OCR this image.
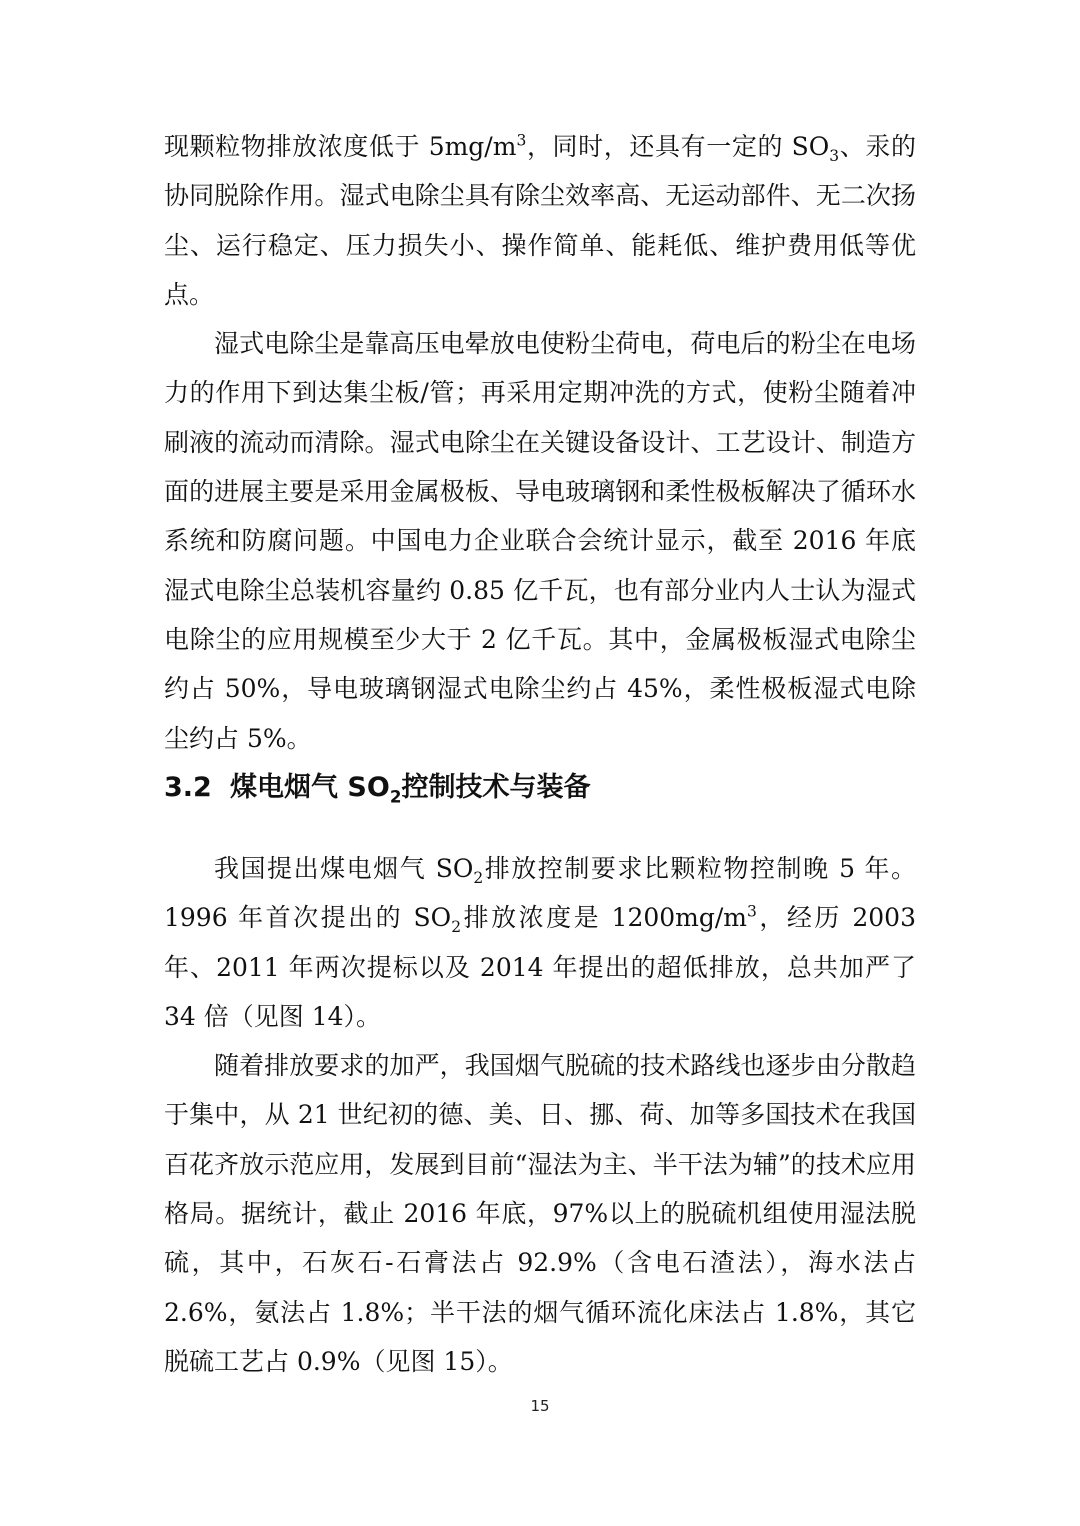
现颗粒物排放浓度低于 $5mg/m^3$，同时，还具有一定的 $SO_3$、汞的协同脱除作用。湿式电除尘具有除尘效率高、无运动部件、无二次扬尘、运行稳定、压力损失小、操作简单、能耗低、维护费用低等优点。

湿式电除尘是靠高压电晕放电使粉尘荷电，荷电后的粉尘在电场力的作用下到达集尘板/管；再采用定期冲洗的方式，使粉尘随着冲刷液的流动而清除。湿式电除尘在关键设备设计、工艺设计、制造方面的进展主要是采用金属极板、导电玻璃钢和柔性极板解决了循环水系统和防腐问题。中国电力企业联合会统计显示，截至 2016 年底湿式电除尘总装机容量约 0.85 亿千瓦，也有部分业内人士认为湿式电除尘的应用规模至少大于 2 亿千瓦。其中，金属极板湿式电除尘约占 50%，导电玻璃钢湿式电除尘约占 45%，柔性极板湿式电除尘约占 5%。

3.2 煤电烟气 $SO_2$控制技术与装备

我国提出煤电烟气 $SO_2$排放控制要求比颗粒物控制晚 5 年。1996 年首次提出的 $SO_2$排放浓度是 $1200mg/m^3$，经历 2003 年、2011 年两次提标以及 2014 年提出的超低排放，总共加严了 34 倍（见图 14）。

随着排放要求的加严，我国烟气脱硫的技术路线也逐步由分散趋于集中，从 21 世纪初的德、美、日、挪、荷、加等多国技术在我国百花齐放示范应用，发展到目前“湿法为主、半干法为辅”的技术应用格局。据统计，截止 2016 年底，97%以上的脱硫机组使用湿法脱硫，其中，石灰石-石膏法占 92.9%（含电石渣法），海水法占 2.6%，氨法占 1.8%；半干法的烟气循环流化床法占 1.8%，其它脱硫工艺占 0.9%（见图 15）。

15
